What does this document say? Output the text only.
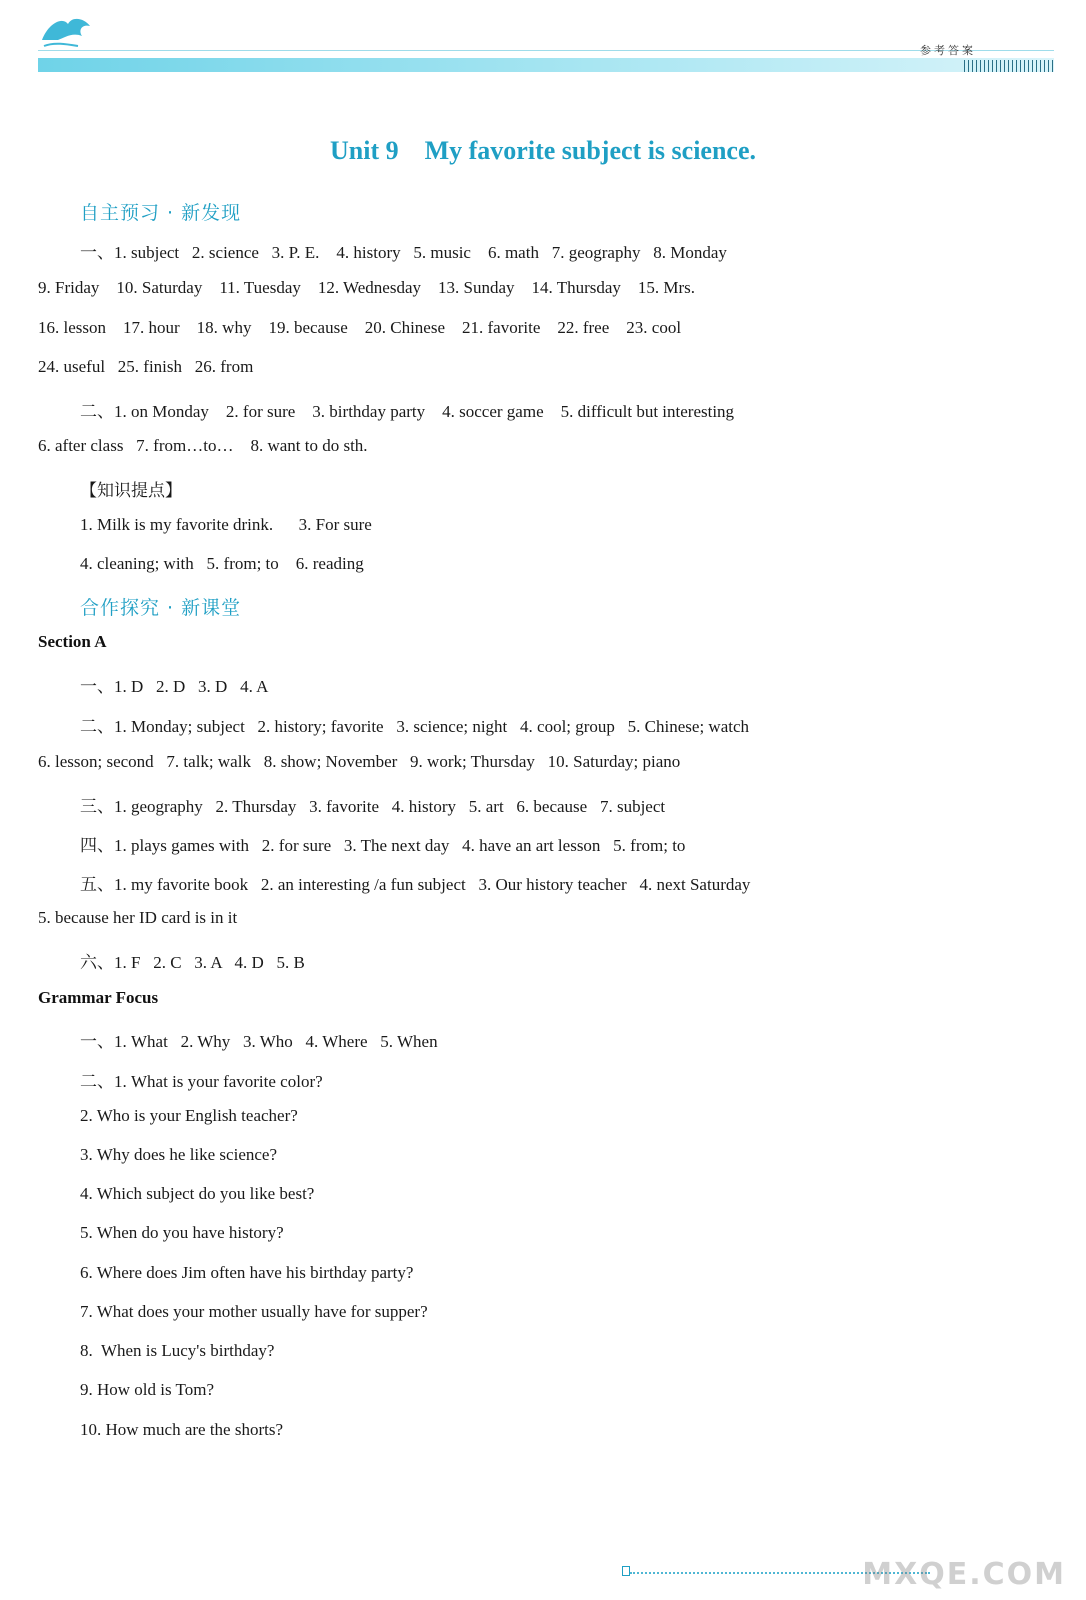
参考答案
Unit 9    My favorite subject is science.
自主预习 · 新发现
一、1. subject   2. science   3. P. E.    4. history   5. music    6. math   7. geography   8. Monday
9. Friday    10. Saturday    11. Tuesday    12. Wednesday    13. Sunday    14. Thursday    15. Mrs.
16. lesson    17. hour    18. why    19. because    20. Chinese    21. favorite    22. free    23. cool
24. useful   25. finish   26. from
二、1. on Monday    2. for sure    3. birthday party    4. soccer game    5. difficult but interesting
6. after class   7. from…to…    8. want to do sth.
【知识提点】
1. Milk is my favorite drink.      3. For sure
4. cleaning; with   5. from; to    6. reading
合作探究 · 新课堂
Section A
一、1. D   2. D   3. D   4. A
二、1. Monday; subject   2. history; favorite   3. science; night   4. cool; group   5. Chinese; watch
6. lesson; second   7. talk; walk   8. show; November   9. work; Thursday   10. Saturday; piano
三、1. geography   2. Thursday   3. favorite   4. history   5. art   6. because   7. subject
四、1. plays games with   2. for sure   3. The next day   4. have an art lesson   5. from; to
五、1. my favorite book   2. an interesting /a fun subject   3. Our history teacher   4. next Saturday
5. because her ID card is in it
六、1. F   2. C   3. A   4. D   5. B
Grammar Focus
一、1. What   2. Why   3. Who   4. Where   5. When
二、1. What is your favorite color?
2. Who is your English teacher?
3. Why does he like science?
4. Which subject do you like best?
5. When do you have history?
6. Where does Jim often have his birthday party?
7. What does your mother usually have for supper?
8.  When is Lucy's birthday?
9. How old is Tom?
10. How much are the shorts?
MXQE.COM
